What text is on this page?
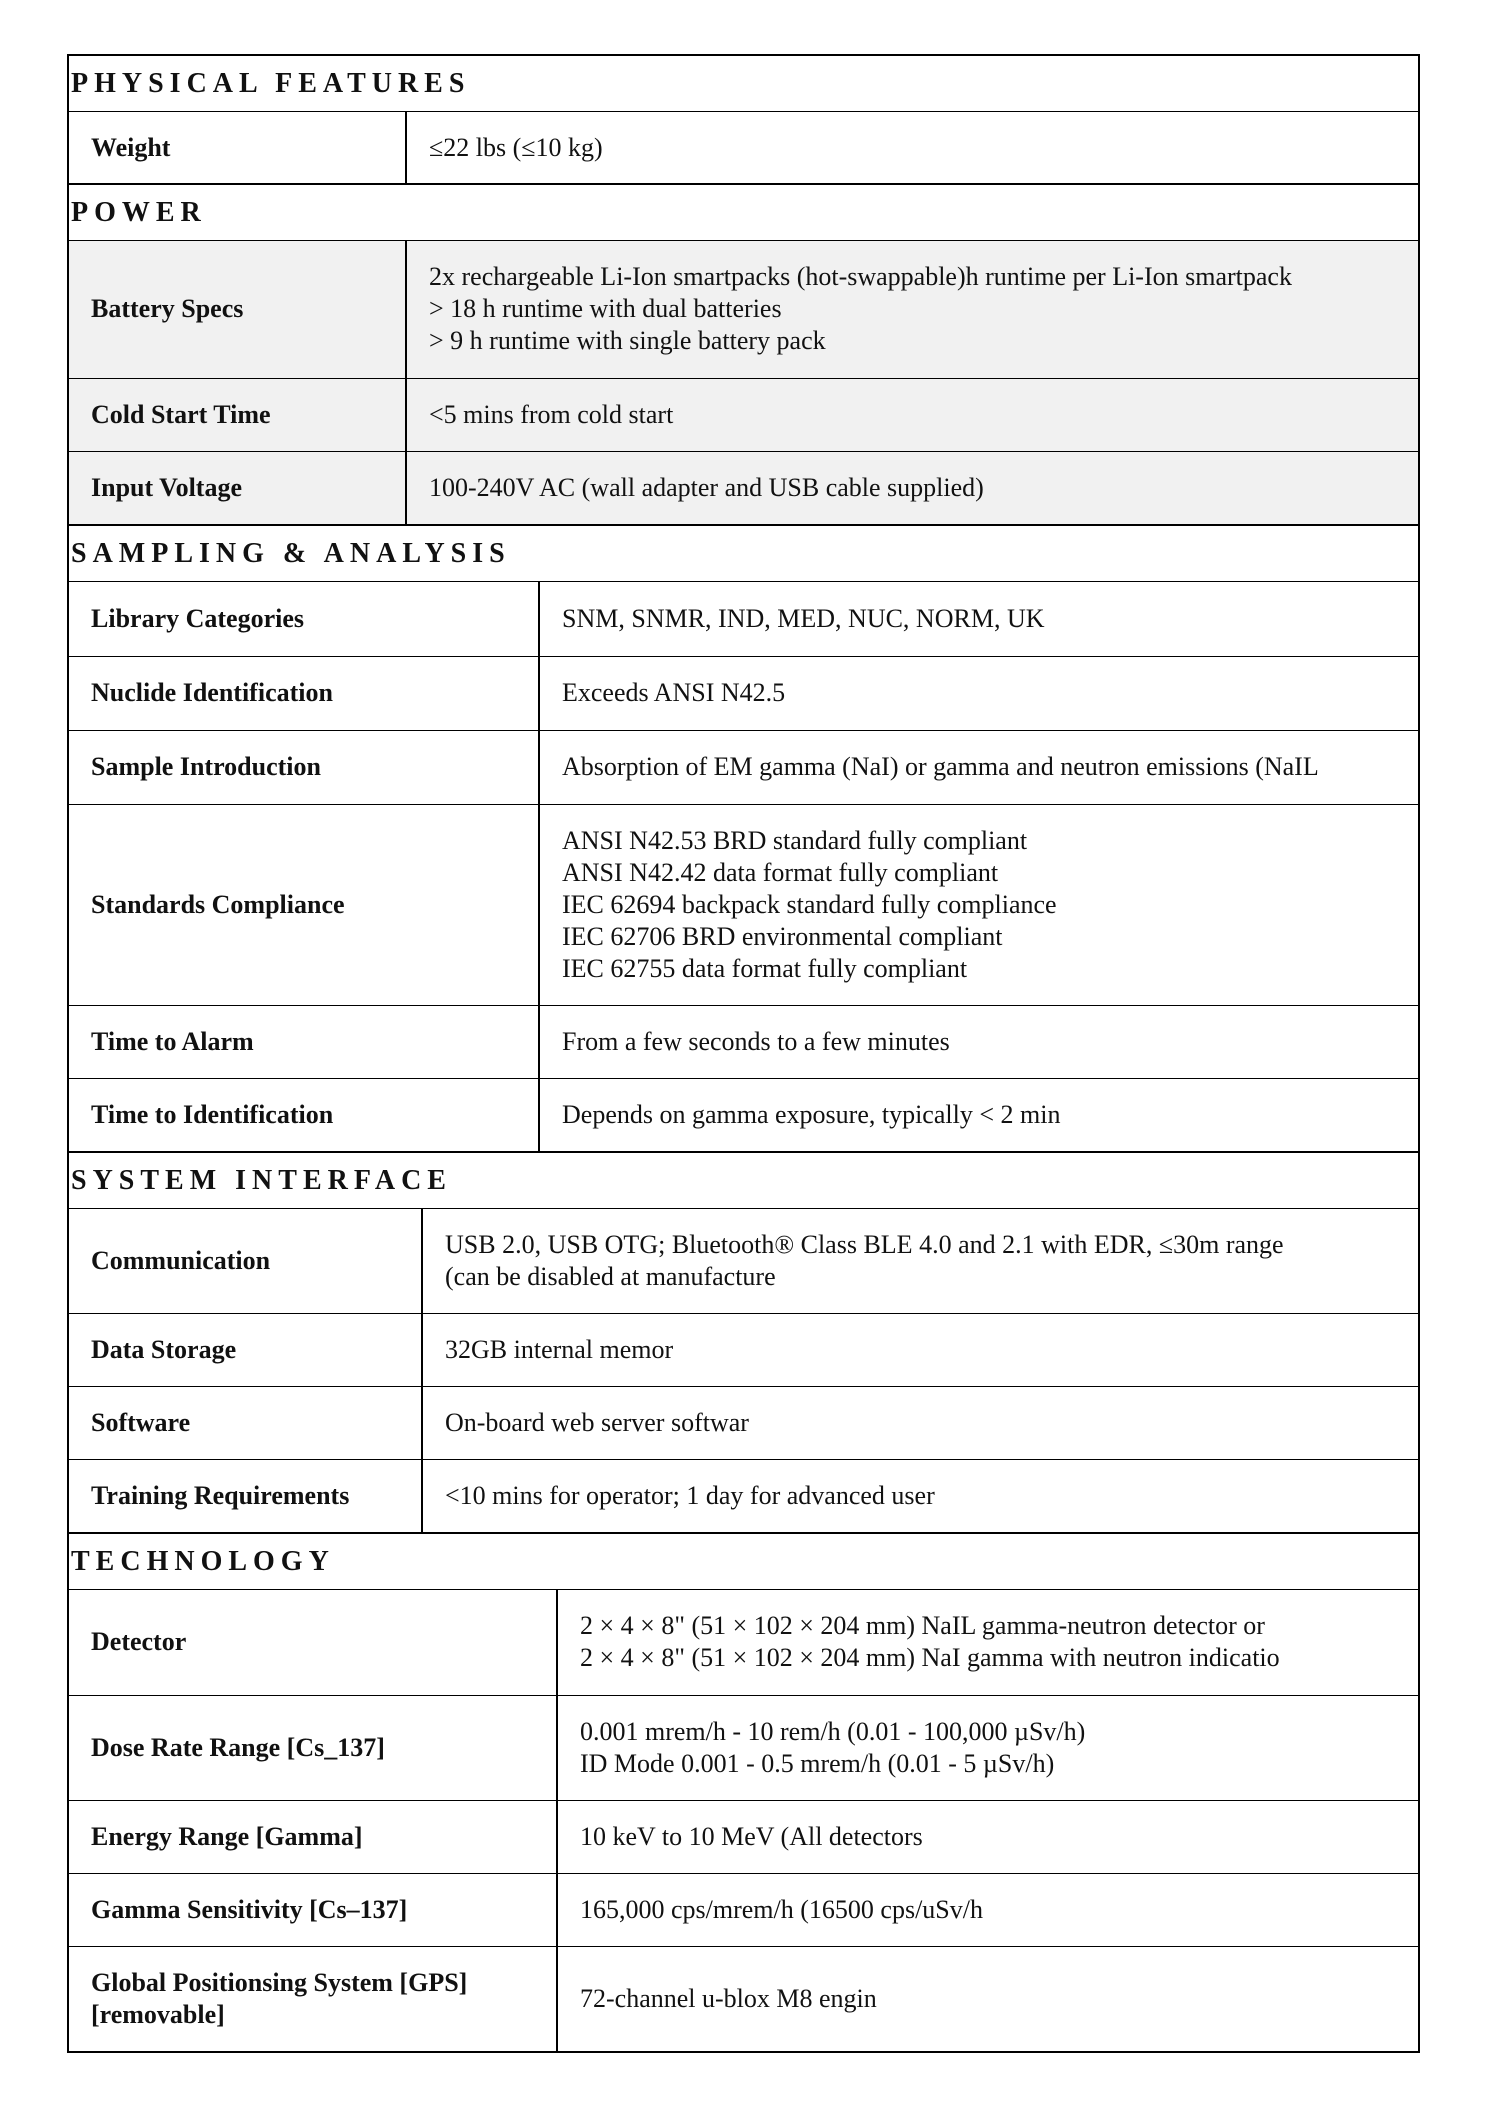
PHYSICAL FEATURES
Weight	≤22 lbs (≤10 kg)
POWER
Battery Specs	2x rechargeable Li-Ion smartpacks (hot-swappable)h runtime per Li-Ion smartpack
> 18 h runtime with dual batteries
> 9 h runtime with single battery pack

Cold Start Time	<5 mins from cold start

Input Voltage	100-240V AC (wall adapter and USB cable supplied)
SAMPLING & ANALYSIS
Library Categories	SNM, SNMR, IND, MED, NUC, NORM, UK

Nuclide Identification	Exceeds ANSI N42.5

Sample Introduction	Absorption of EM gamma (NaI) or gamma and neutron emissions (NaIL

Standards Compliance	ANSI N42.53 BRD standard fully compliant
ANSI N42.42 data format fully compliant
IEC 62694 backpack standard fully compliance
IEC 62706 BRD environmental compliant
IEC 62755 data format fully compliant

Time to Alarm	From a few seconds to a few minutes

Time to Identification	Depends on gamma exposure, typically < 2 min
SYSTEM INTERFACE
Communication	USB 2.0, USB OTG; Bluetooth® Class BLE 4.0 and 2.1 with EDR, ≤30m range
(can be disabled at manufacture

Data Storage	32GB internal memor

Software	On-board web server softwar

Training Requirements	<10 mins for operator; 1 day for advanced user
TECHNOLOGY
Detector	2 × 4 × 8" (51 × 102 × 204 mm) NaIL gamma-neutron detector or
2 × 4 × 8" (51 × 102 × 204 mm) NaI gamma with neutron indicatio

Dose Rate Range [Cs_137]	0.001 mrem/h - 10 rem/h (0.01 - 100,000 µSv/h)
ID Mode 0.001 - 0.5 mrem/h (0.01 - 5 µSv/h)

Energy Range [Gamma]	10 keV to 10 MeV (All detectors

Gamma Sensitivity [Cs–137]	165,000 cps/mrem/h (16500 cps/uSv/h

Global Positionsing System [GPS] [removable]	72-channel u-blox M8 engin
